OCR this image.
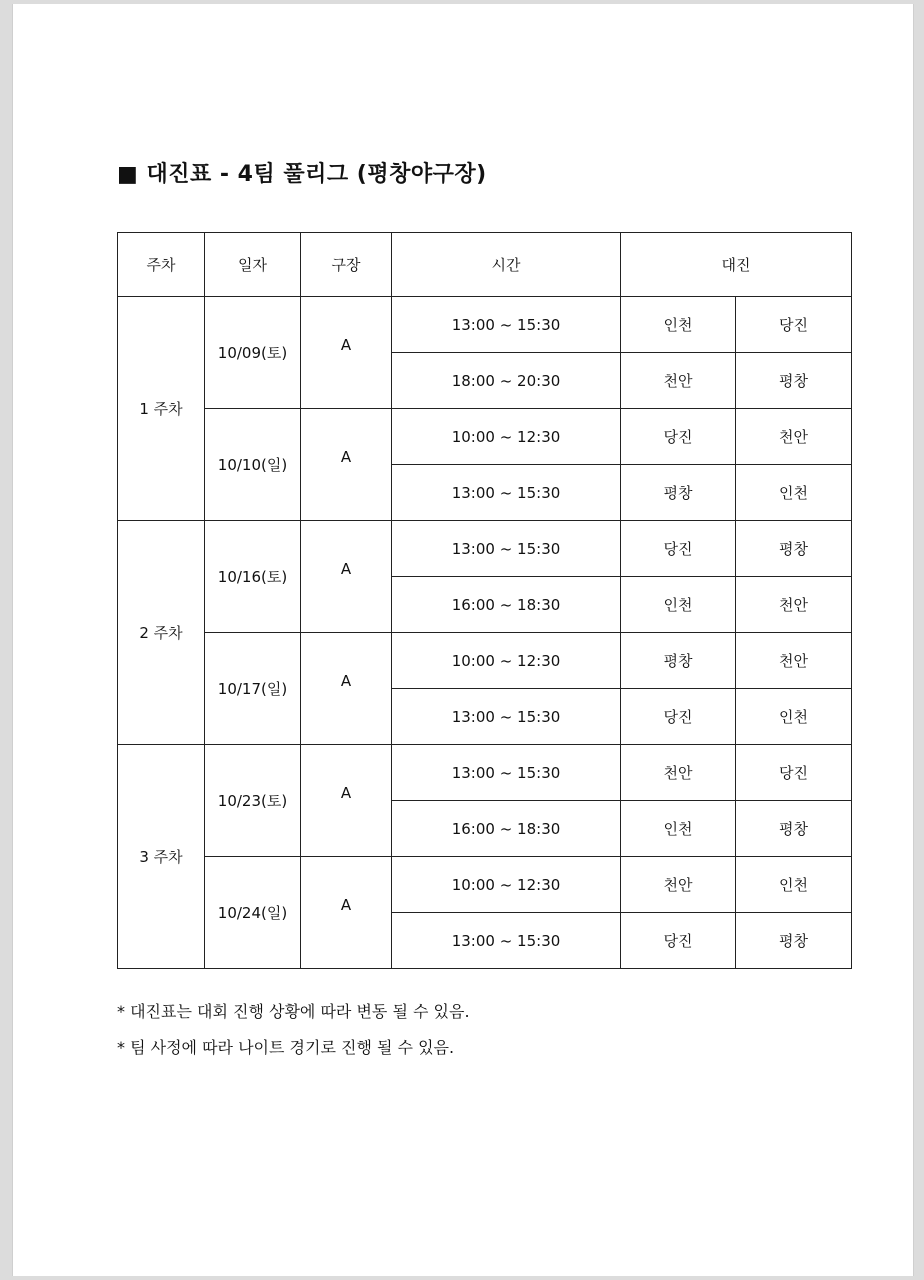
■ 대진표 - 4팀 풀리그 (평창야구장)
주차	일자	구장	시간	대진	
1 주차	10/09(토)	A	13:00 ~ 15:30	인천	당진
			18:00 ~ 20:30	천안	평창
	10/10(일)	A	10:00 ~ 12:30	당진	천안
			13:00 ~ 15:30	평창	인천
2 주차	10/16(토)	A	13:00 ~ 15:30	당진	평창
			16:00 ~ 18:30	인천	천안
	10/17(일)	A	10:00 ~ 12:30	평창	천안
			13:00 ~ 15:30	당진	인천
3 주차	10/23(토)	A	13:00 ~ 15:30	천안	당진
			16:00 ~ 18:30	인천	평창
	10/24(일)	A	10:00 ~ 12:30	천안	인천
			13:00 ~ 15:30	당진	평창
* 대진표는 대회 진행 상황에 따라 변동 될 수 있음.
* 팀 사정에 따라 나이트 경기로 진행 될 수 있음.
